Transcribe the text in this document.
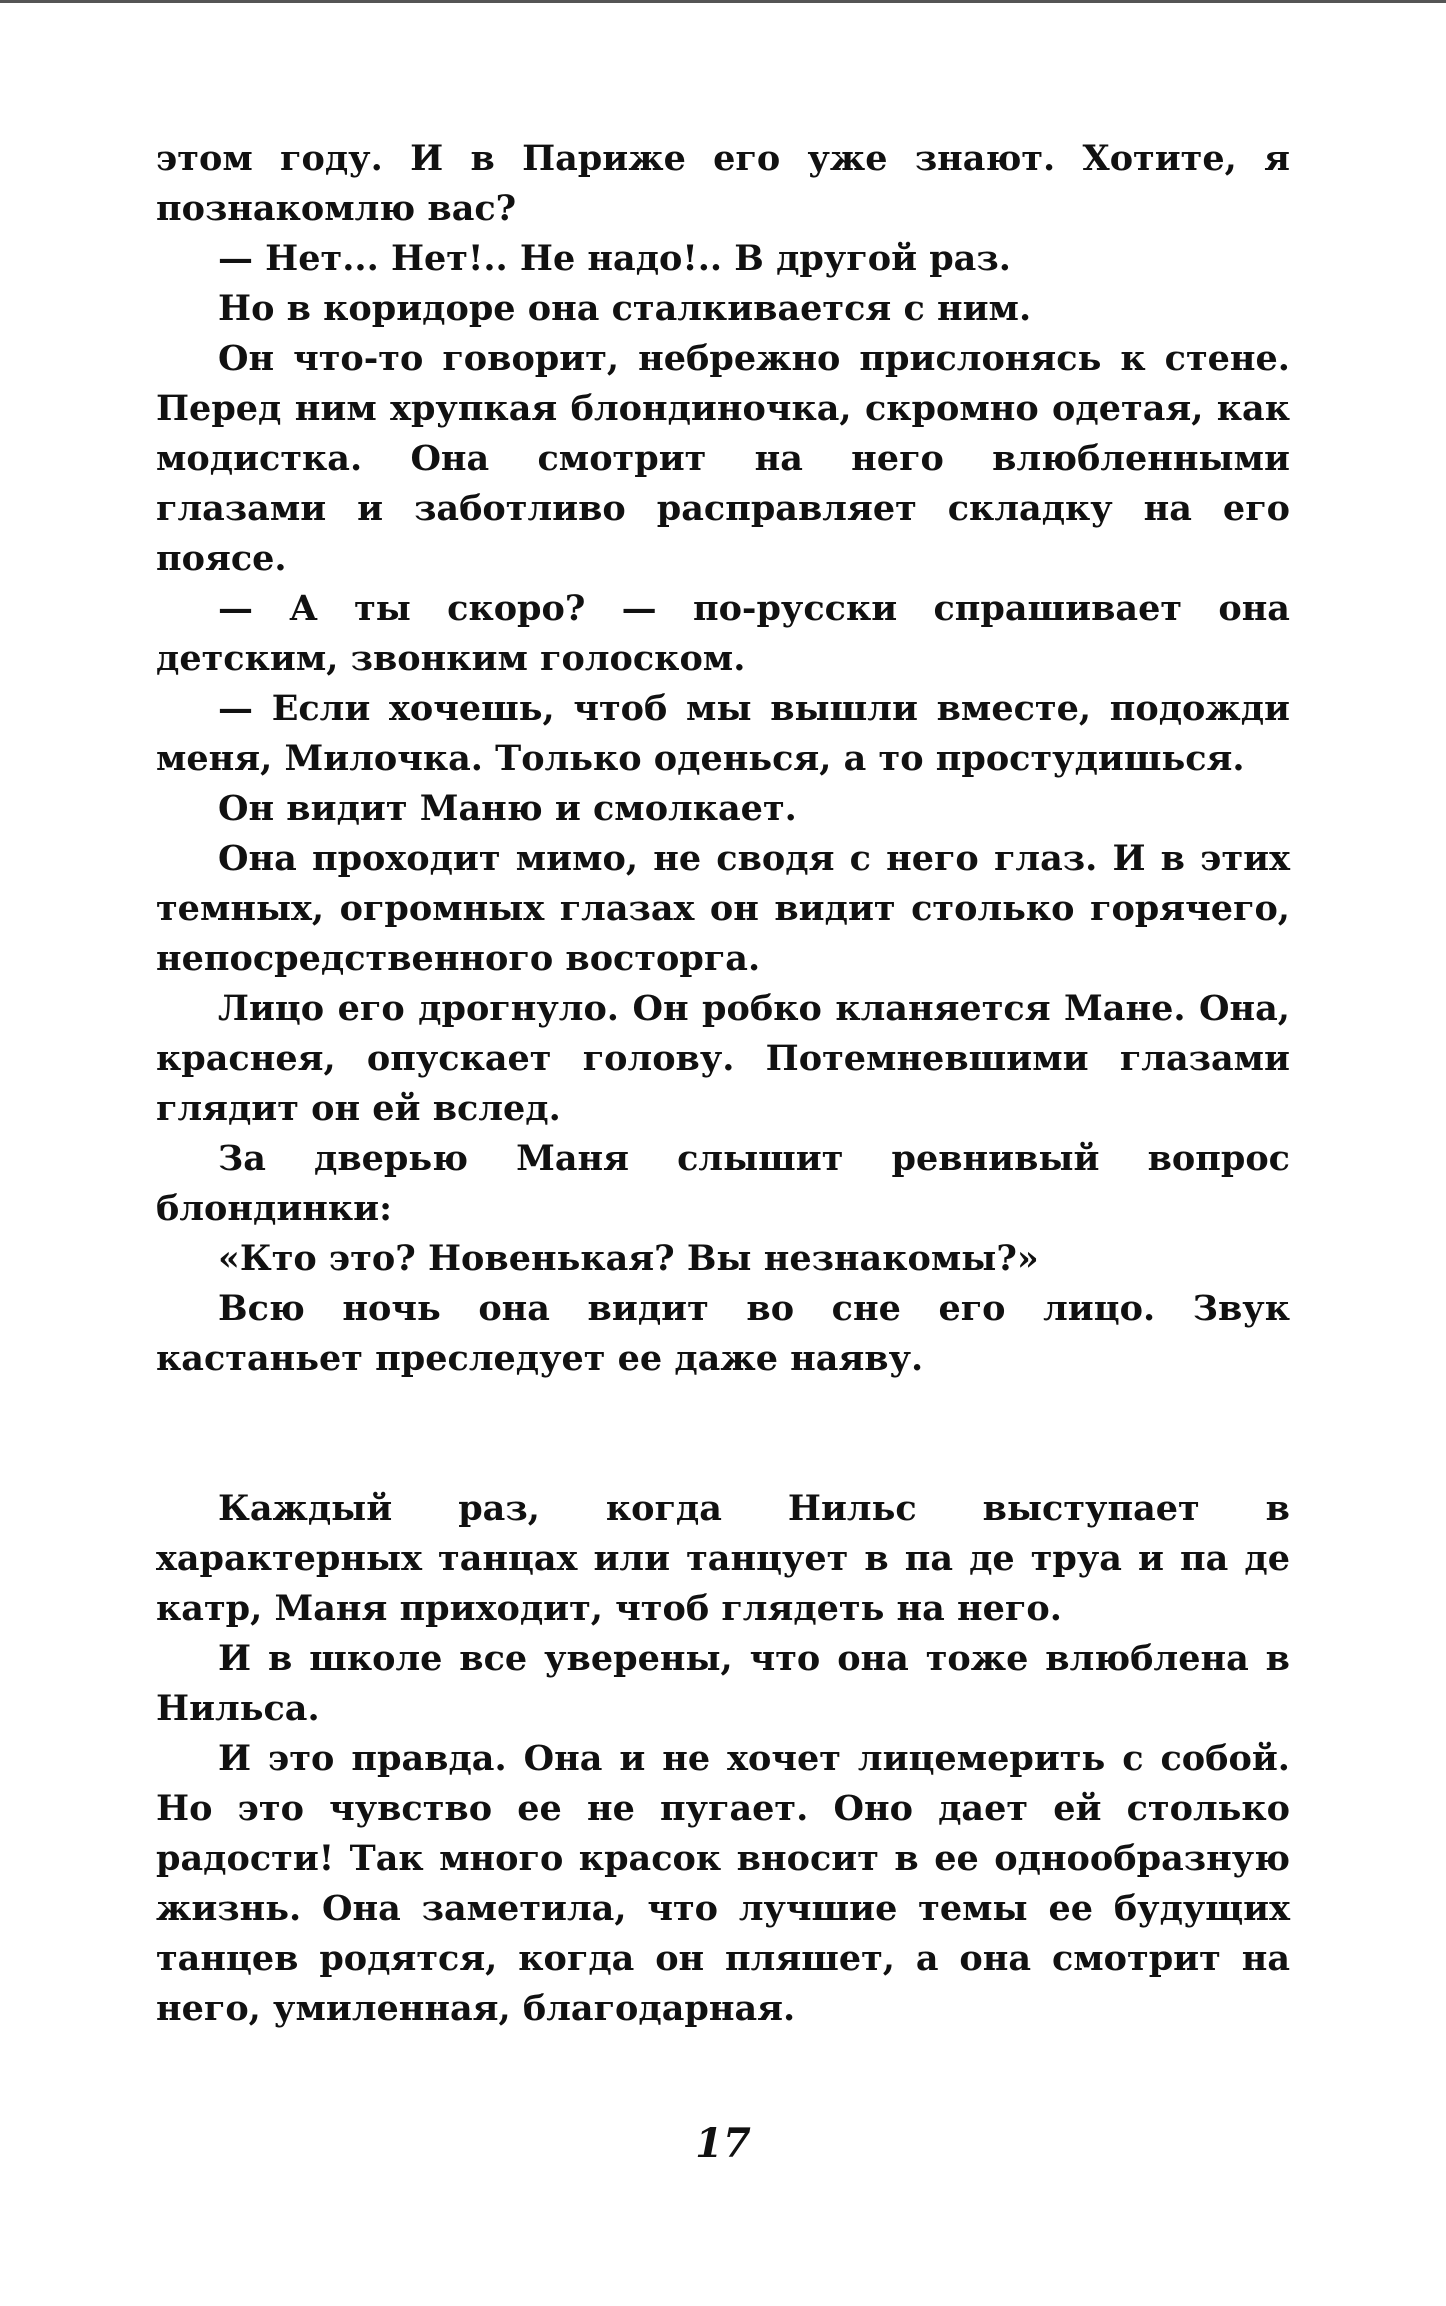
этом году. И в Париже его уже знают. Хотите, я познакомлю вас?

— Нет... Нет!.. Не надо!.. В другой раз.

Но в коридоре она сталкивается с ним.

Он что-то говорит, небрежно прислонясь к стене. Перед ним хрупкая блондиночка, скромно одетая, как модистка. Она смотрит на него влюбленными глазами и заботливо расправляет складку на его поясе.

— А ты скоро? — по-русски спрашивает она детским, звонким голоском.

— Если хочешь, чтоб мы вышли вместе, подожди меня, Милочка. Только оденься, а то простудишься.

Он видит Маню и смолкает.

Она проходит мимо, не сводя с него глаз. И в этих темных, огромных глазах он видит столько горячего, непосредственного восторга.

Лицо его дрогнуло. Он робко кланяется Мане. Она, краснея, опускает голову. Потемневшими глазами глядит он ей вслед.

За дверью Маня слышит ревнивый вопрос блондинки:

«Кто это? Новенькая? Вы незнакомы?»

Всю ночь она видит во сне его лицо. Звук кастаньет преследует ее даже наяву.

Каждый раз, когда Нильс выступает в характерных танцах или танцует в па де труа и па де катр, Маня приходит, чтоб глядеть на него.

И в школе все уверены, что она тоже влюблена в Нильса.

И это правда. Она и не хочет лицемерить с собой. Но это чувство ее не пугает. Оно дает ей столько радости! Так много красок вносит в ее однообразную жизнь. Она заметила, что лучшие темы ее будущих танцев родятся, когда он пляшет, а она смотрит на него, умиленная, благодарная.

17
